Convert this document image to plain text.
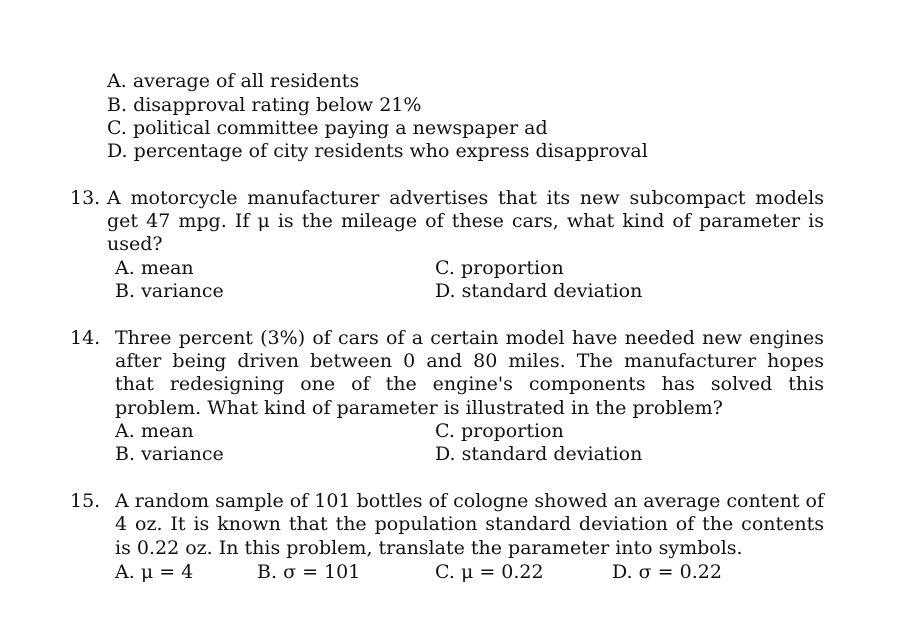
A. average of all residents
B. disapproval rating below 21%
C. political committee paying a newspaper ad
D. percentage of city residents who express disapproval
13. A motorcycle manufacturer advertises that its new subcompact models
get 47 mpg. If μ is the mileage of these cars, what kind of parameter is
used?
A. mean
B. variance
C. proportion
D. standard deviation
14. Three percent (3%) of cars of a certain model have needed new engines
after being driven between 0 and 80 miles. The manufacturer hopes
that redesigning one of the engine's components has solved this
problem. What kind of parameter is illustrated in the problem?
A. mean
B. variance
C. proportion
D. standard deviation
15. A random sample of 101 bottles of cologne showed an average content of
4 oz. It is known that the population standard deviation of the contents
is 0.22 oz. In this problem, translate the parameter into symbols.
A. μ = 4	B. σ = 101	C. μ = 0.22	D. σ = 0.22
